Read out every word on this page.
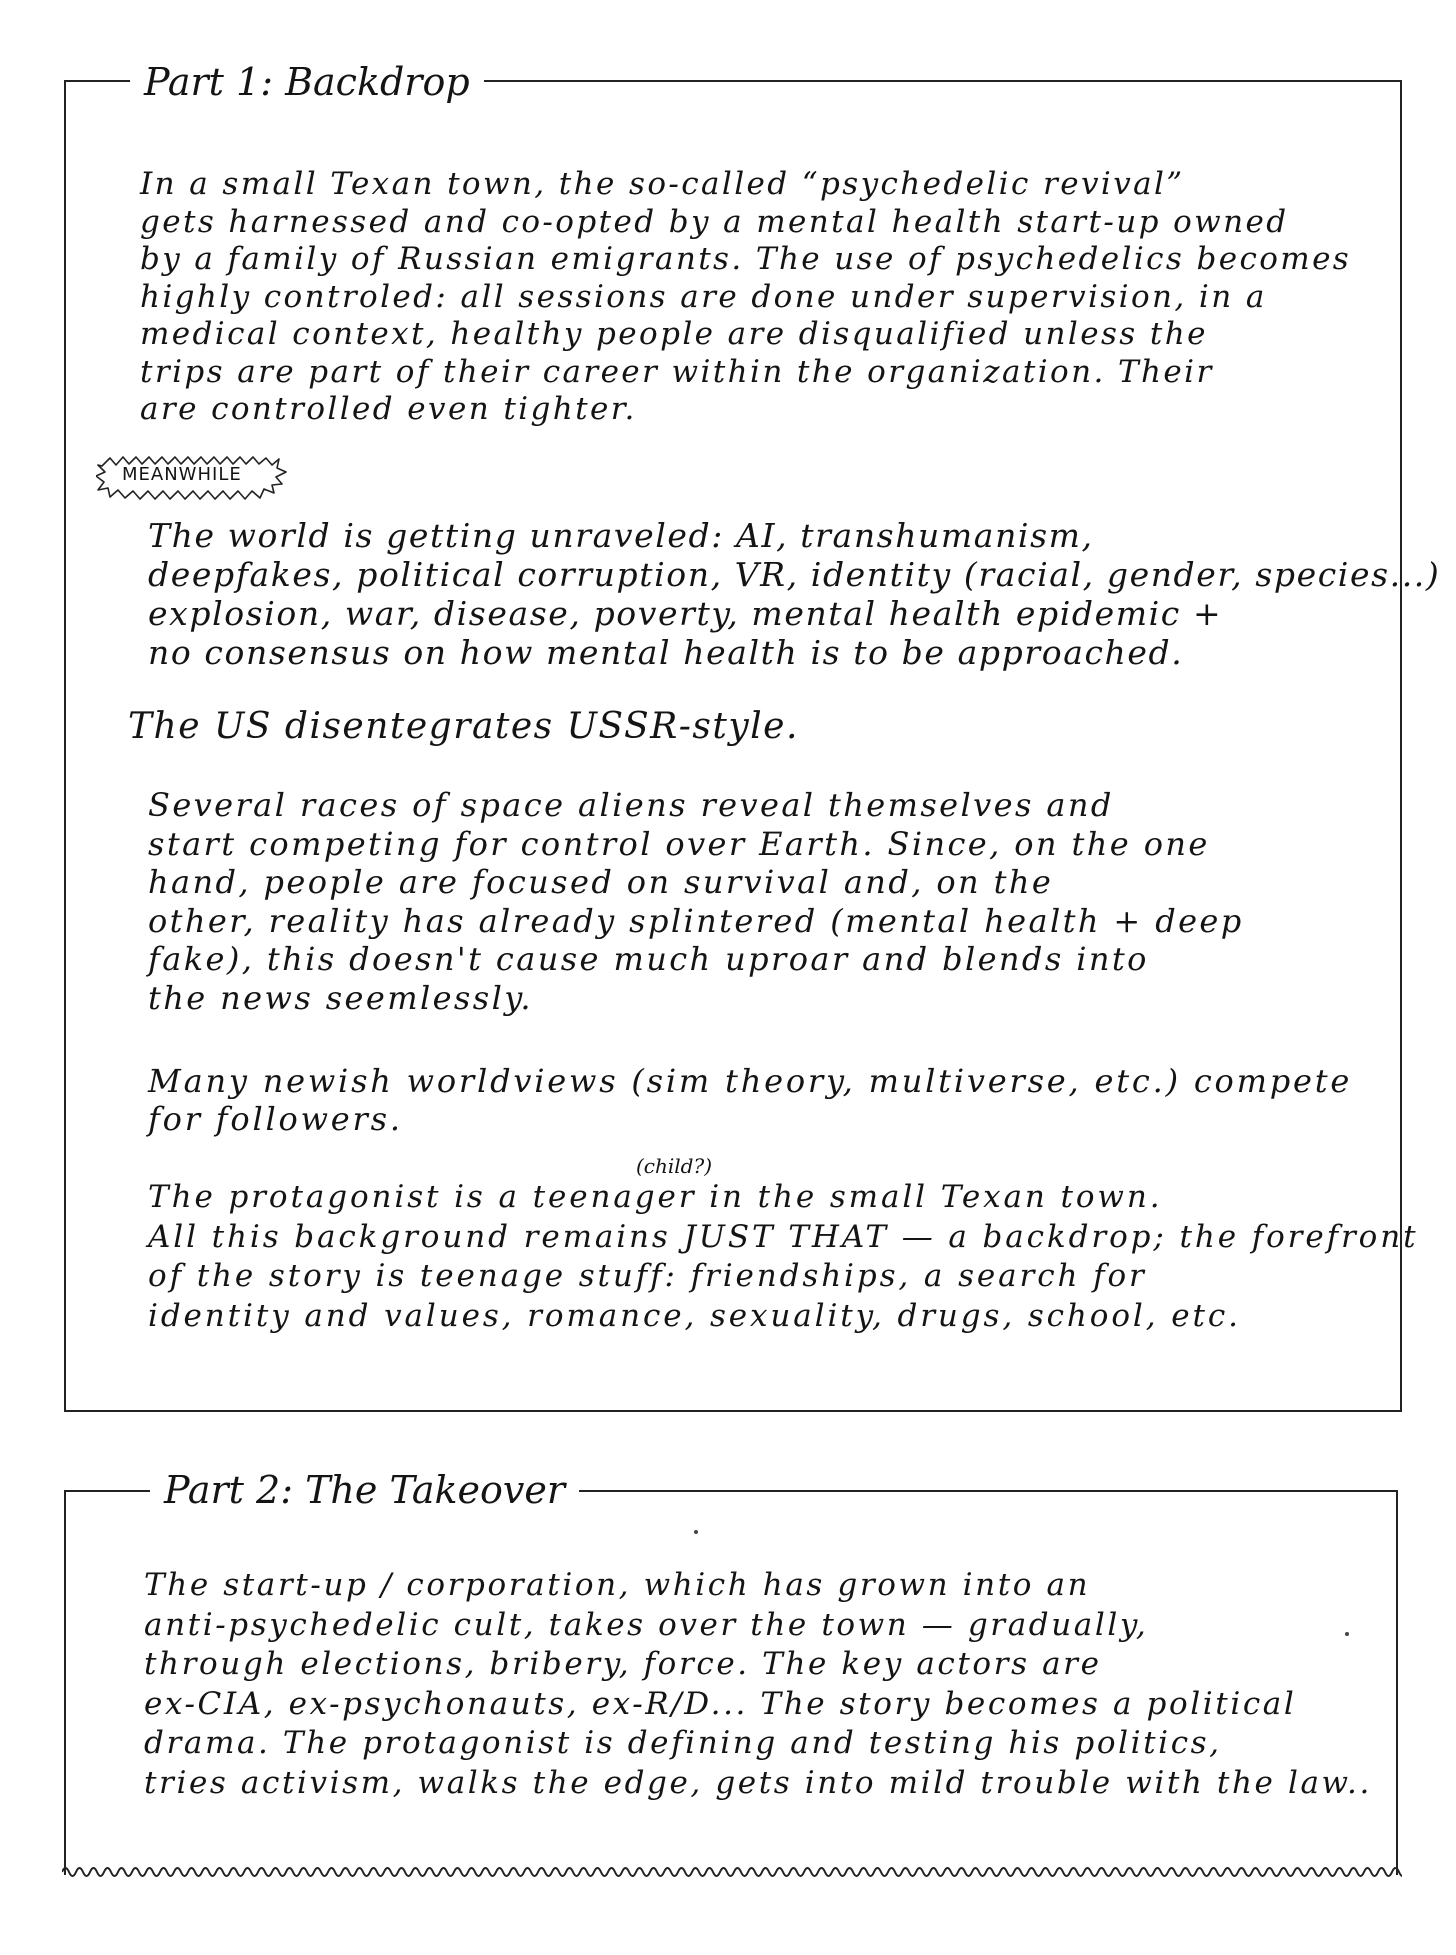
Part 1: Backdrop
In a small Texan town, the so-called “psychedelic revival”
gets harnessed and co-opted by a mental health start-up owned
by a family of Russian emigrants. The use of psychedelics becomes
highly controled: all sessions are done under supervision, in a
medical context, healthy people are disqualified unless the
trips are part of their career within the organization. Their
are controlled even tighter.
MEANWHILE
The world is getting unraveled: AI, transhumanism,
deepfakes, political corruption, VR, identity (racial, gender, species...)
explosion, war, disease, poverty, mental health epidemic +
no consensus on how mental health is to be approached.
The US disentegrates USSR-style.
Several races of space aliens reveal themselves and
start competing for control over Earth. Since, on the one
hand, people are focused on survival and, on the
other, reality has already splintered (mental health + deep
fake), this doesn't cause much uproar and blends into
the news seemlessly.
Many newish worldviews (sim theory, multiverse, etc.) compete
for followers.
(child?)
The protagonist is a teenager in the small Texan town.
All this background remains JUST THAT — a backdrop; the forefront
of the story is teenage stuff: friendships, a search for
identity and values, romance, sexuality, drugs, school, etc.
Part 2: The Takeover
The start-up / corporation, which has grown into an
anti-psychedelic cult, takes over the town — gradually,
through elections, bribery, force. The key actors are
ex-CIA, ex-psychonauts, ex-R/D... The story becomes a political
drama. The protagonist is defining and testing his politics,
tries activism, walks the edge, gets into mild trouble with the law..
